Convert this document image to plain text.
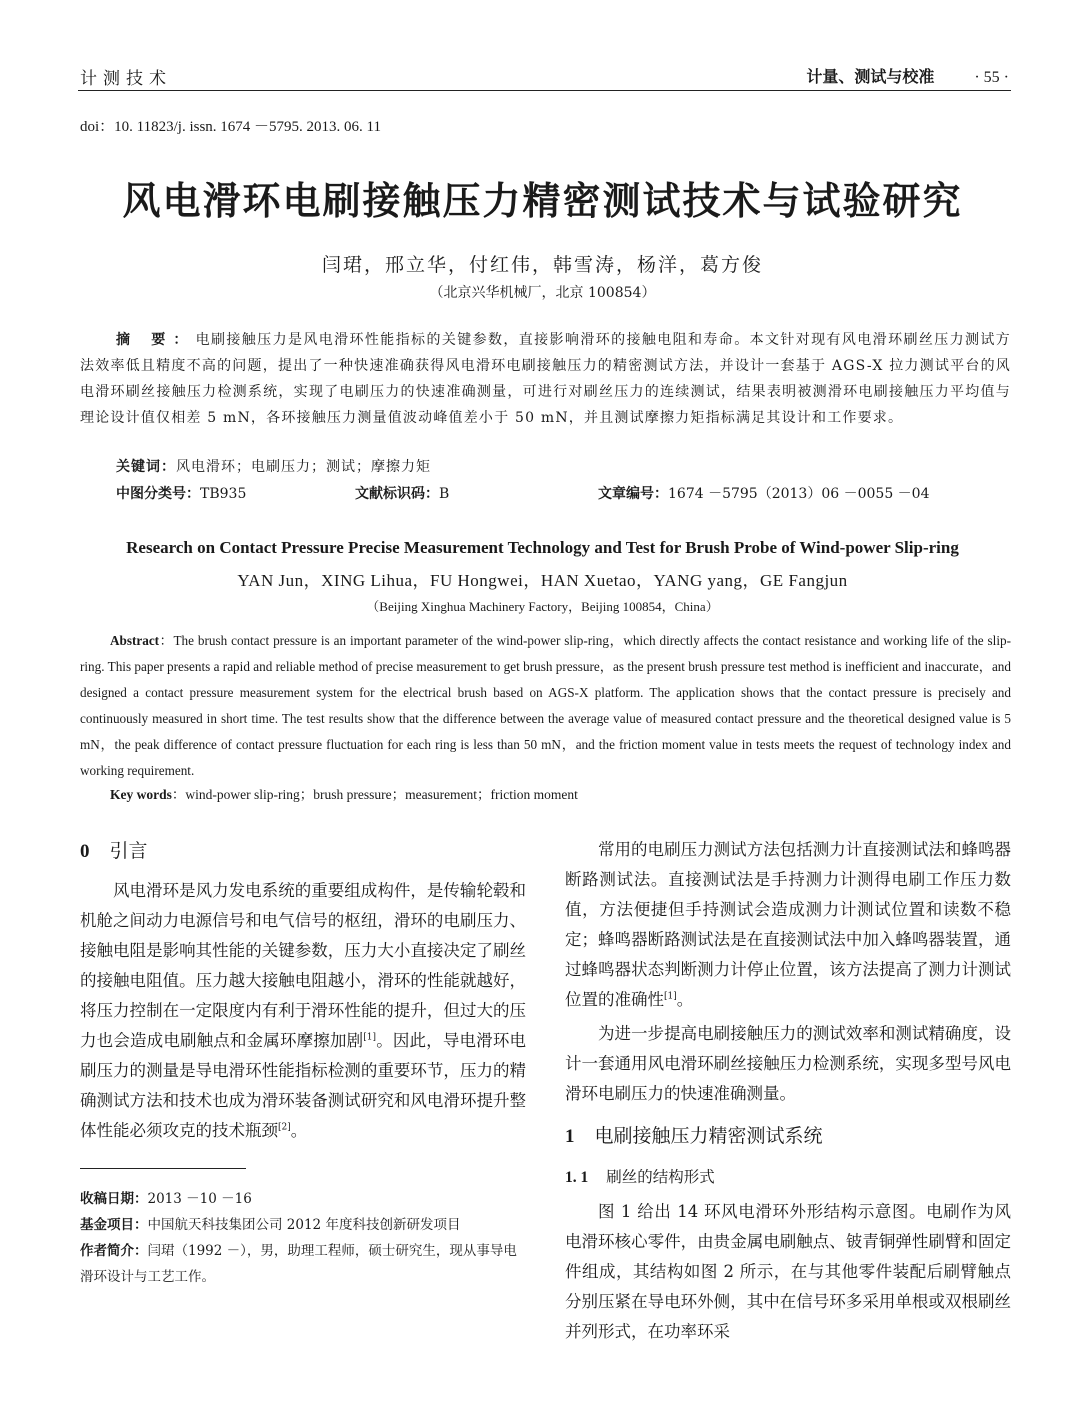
计测技术	计量、测试与校准	· 55 ·
doi：10. 11823/j. issn. 1674 －5795. 2013. 06. 11
风电滑环电刷接触压力精密测试技术与试验研究
闫珺，邢立华，付红伟，韩雪涛，杨洋，葛方俊
（北京兴华机械厂，北京 100854）
摘 要：电刷接触压力是风电滑环性能指标的关键参数，直接影响滑环的接触电阻和寿命。本文针对现有风电滑环刷丝压力测试方法效率低且精度不高的问题，提出了一种快速准确获得风电滑环电刷接触压力的精密测试方法，并设计一套基于 AGS-X 拉力测试平台的风电滑环刷丝接触压力检测系统，实现了电刷压力的快速准确测量，可进行对刷丝压力的连续测试，结果表明被测滑环电刷接触压力平均值与理论设计值仅相差 5 mN，各环接触压力测量值波动峰值差小于 50 mN，并且测试摩擦力矩指标满足其设计和工作要求。
关键词：风电滑环；电刷压力；测试；摩擦力矩
中图分类号：TB935	文献标识码：B	文章编号：1674 －5795（2013）06 －0055 －04
Research on Contact Pressure Precise Measurement Technology and Test for Brush Probe of Wind-power Slip-ring
YAN Jun，XING Lihua，FU Hongwei，HAN Xuetao，YANG yang，GE Fangjun
（Beijing Xinghua Machinery Factory，Beijing 100854，China）
Abstract：The brush contact pressure is an important parameter of the wind-power slip-ring，which directly affects the contact resistance and working life of the slip-ring. This paper presents a rapid and reliable method of precise measurement to get brush pressure，as the present brush pressure test method is inefficient and inaccurate，and designed a contact pressure measurement system for the electrical brush based on AGS-X platform. The application shows that the contact pressure is precisely and continuously measured in short time. The test results show that the difference between the average value of measured contact pressure and the theoretical designed value is 5 mN，the peak difference of contact pressure fluctuation for each ring is less than 50 mN，and the friction moment value in tests meets the request of technology index and working requirement.
Key words：wind-power slip-ring；brush pressure；measurement；friction moment
0 引言

风电滑环是风力发电系统的重要组成构件，是传输轮毂和机舱之间动力电源信号和电气信号的枢纽，滑环的电刷压力、接触电阻是影响其性能的关键参数，压力大小直接决定了刷丝的接触电阻值。压力越大接触电阻越小，滑环的性能就越好，将压力控制在一定限度内有利于滑环性能的提升，但过大的压力也会造成电刷触点和金属环摩擦加剧[1]。因此，导电滑环电刷压力的测量是导电滑环性能指标检测的重要环节，压力的精确测试方法和技术也成为滑环装备测试研究和风电滑环提升整体性能必须攻克的技术瓶颈[2]。

收稿日期：2013 －10 －16
基金项目：中国航天科技集团公司 2012 年度科技创新研发项目
作者简介：闫珺（1992 －），男，助理工程师，硕士研究生，现从事导电滑环设计与工艺工作。

常用的电刷压力测试方法包括测力计直接测试法和蜂鸣器断路测试法。直接测试法是手持测力计测得电刷工作压力数值，方法便捷但手持测试会造成测力计测试位置和读数不稳定；蜂鸣器断路测试法是在直接测试法中加入蜂鸣器装置，通过蜂鸣器状态判断测力计停止位置，该方法提高了测力计测试位置的准确性[1]。

为进一步提高电刷接触压力的测试效率和测试精确度，设计一套通用风电滑环刷丝接触压力检测系统，实现多型号风电滑环电刷压力的快速准确测量。

1 电刷接触压力精密测试系统
1. 1 刷丝的结构形式

图 1 给出 14 环风电滑环外形结构示意图。电刷作为风电滑环核心零件，由贵金属电刷触点、铍青铜弹性刷臂和固定件组成，其结构如图 2 所示，在与其他零件装配后刷臂触点分别压紧在导电环外侧，其中在信号环多采用单根或双根刷丝并列形式，在功率环采
